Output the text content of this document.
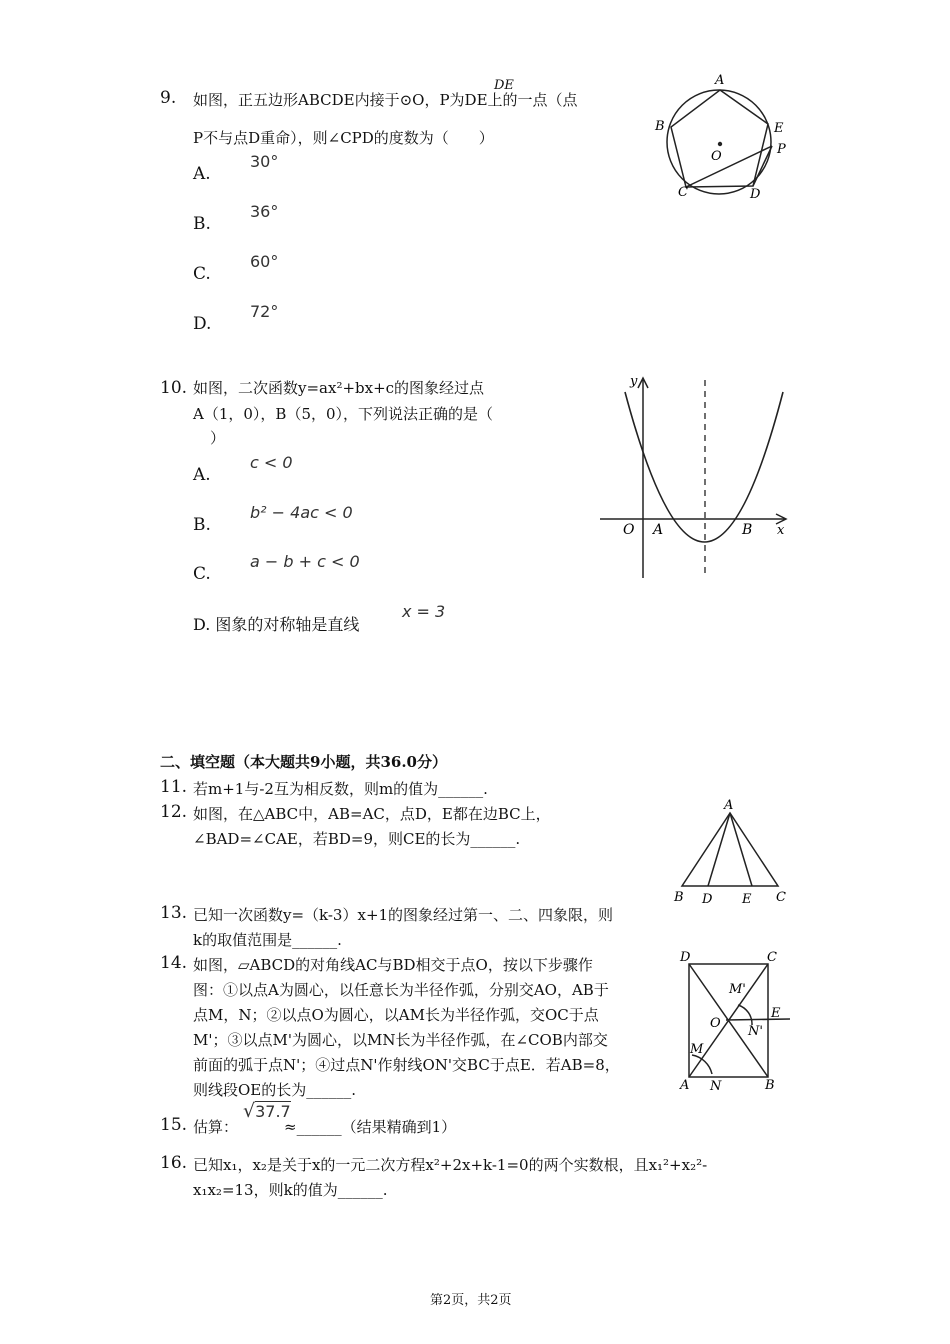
9. 如图，正五边形ABCDE内接于⊙O，P为DE上的一点（点
DE
P不与点D重命），则∠CPD的度数为（　　）
A.
30°
B.
36°
C.
60°
D.
72°
A
B
C	D
E
P
O
10. 如图，二次函数y=ax²+bx+c的图象经过点
A（1，0），B（5，0），下列说法正确的是（
）
A.
c < 0
B.
b² − 4ac < 0
C.
a − b + c < 0
D. 图象的对称轴是直线
x = 3
y
x
O A	B
二、填空题（本大题共9小题，共36.0分）
11. 若m+1与-2互为相反数，则m的值为______.
12. 如图，在△ABC中，AB=AC，点D，E都在边BC上，
∠BAD=∠CAE，若BD=9，则CE的长为______.
A
B D E C
13. 已知一次函数y=（k-3）x+1的图象经过第一、二、四象限，则
k的取值范围是______.
14. 如图，▱ABCD的对角线AC与BD相交于点O，按以下步骤作
图：①以点A为圆心，以任意长为半径作弧，分别交AO，AB于
点M，N；②以点O为圆心，以AM长为半径作弧，交OC于点
M'；③以点M'为圆心，以MN长为半径作弧，在∠COB内部交
前面的弧于点N'；④过点N'作射线ON'交BC于点E．若AB=8，
则线段OE的长为______.
D	C
A	B
O
E
M
N
M'
N'
15. 估算：
√37.7
≈______（结果精确到1）
16. 已知x₁，x₂是关于x的一元二次方程x²+2x+k-1=0的两个实数根，且x₁²+x₂²-
x₁x₂=13，则k的值为______.
第2页，共2页
